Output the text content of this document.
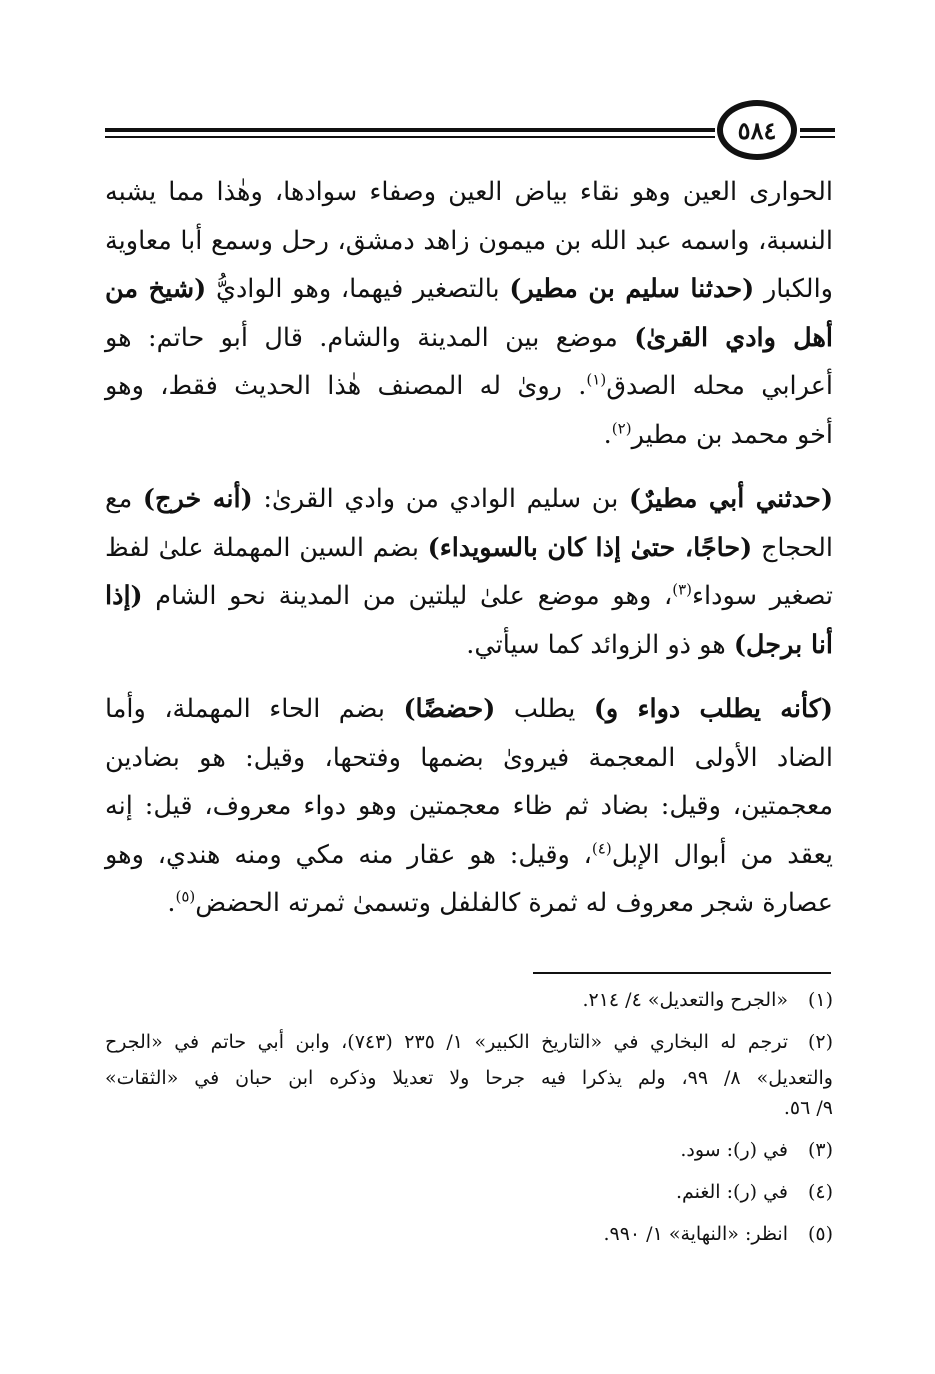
٥٨٤

الحوارى العين وهو نقاء بياض العين وصفاء سوادها، وهٰذا مما يشبه
النسبة، واسمه عبد الله بن ميمون زاهد دمشق، رحل وسمع أبا معاوية
والكبار (حدثنا سليم بن مطير) بالتصغير فيهما، وهو الواديُّ (شيخ من
أهل وادي القرىٰ) موضع بين المدينة والشام. قال أبو حاتم: هو
أعرابي محله الصدق$^{(١)}$. روىٰ له المصنف هٰذا الحديث فقط، وهو
أخو محمد بن مطير$^{(٢)}$.

(حدثني أبي مطيرٌ) بن سليم الوادي من وادي القرىٰ: (أنه خرج) مع
الحجاج (حاجًا، حتىٰ إذا كان بالسويداء) بضم السين المهملة علىٰ لفظ
تصغير سوداء$^{(٣)}$، وهو موضع علىٰ ليلتين من المدينة نحو الشام (إذا
أنا برجل) هو ذو الزوائد كما سيأتي.

(كأنه يطلب دواء و) يطلب (حضضًا) بضم الحاء المهملة، وأما
الضاد الأولى المعجمة فيروىٰ بضمها وفتحها، وقيل: هو بضادين
معجمتين، وقيل: بضاد ثم ظاء معجمتين وهو دواء معروف، قيل: إنه
يعقد من أبوال الإبل$^{(٤)}$، وقيل: هو عقار منه مكي ومنه هندي، وهو
عصارة شجر معروف له ثمرة كالفلفل وتسمىٰ ثمرته الحضض$^{(٥)}$.

(١)
«الجرح والتعديل» ٤/ ٢١٤.
(٢)
ترجم له البخاري في «التاريخ الكبير» ١/ ٢٣٥ (٧٤٣)، وابن أبي حاتم في «الجرح
والتعديل» ٨/ ٩٩، ولم يذكرا فيه جرحا ولا تعديلا وذكره ابن حبان في «الثقات»
٩/ ٥٦.
(٣)
في (ر): سود.
(٤)
في (ر): الغنم.
(٥)
انظر: «النهاية» ١/ ٩٩٠.
